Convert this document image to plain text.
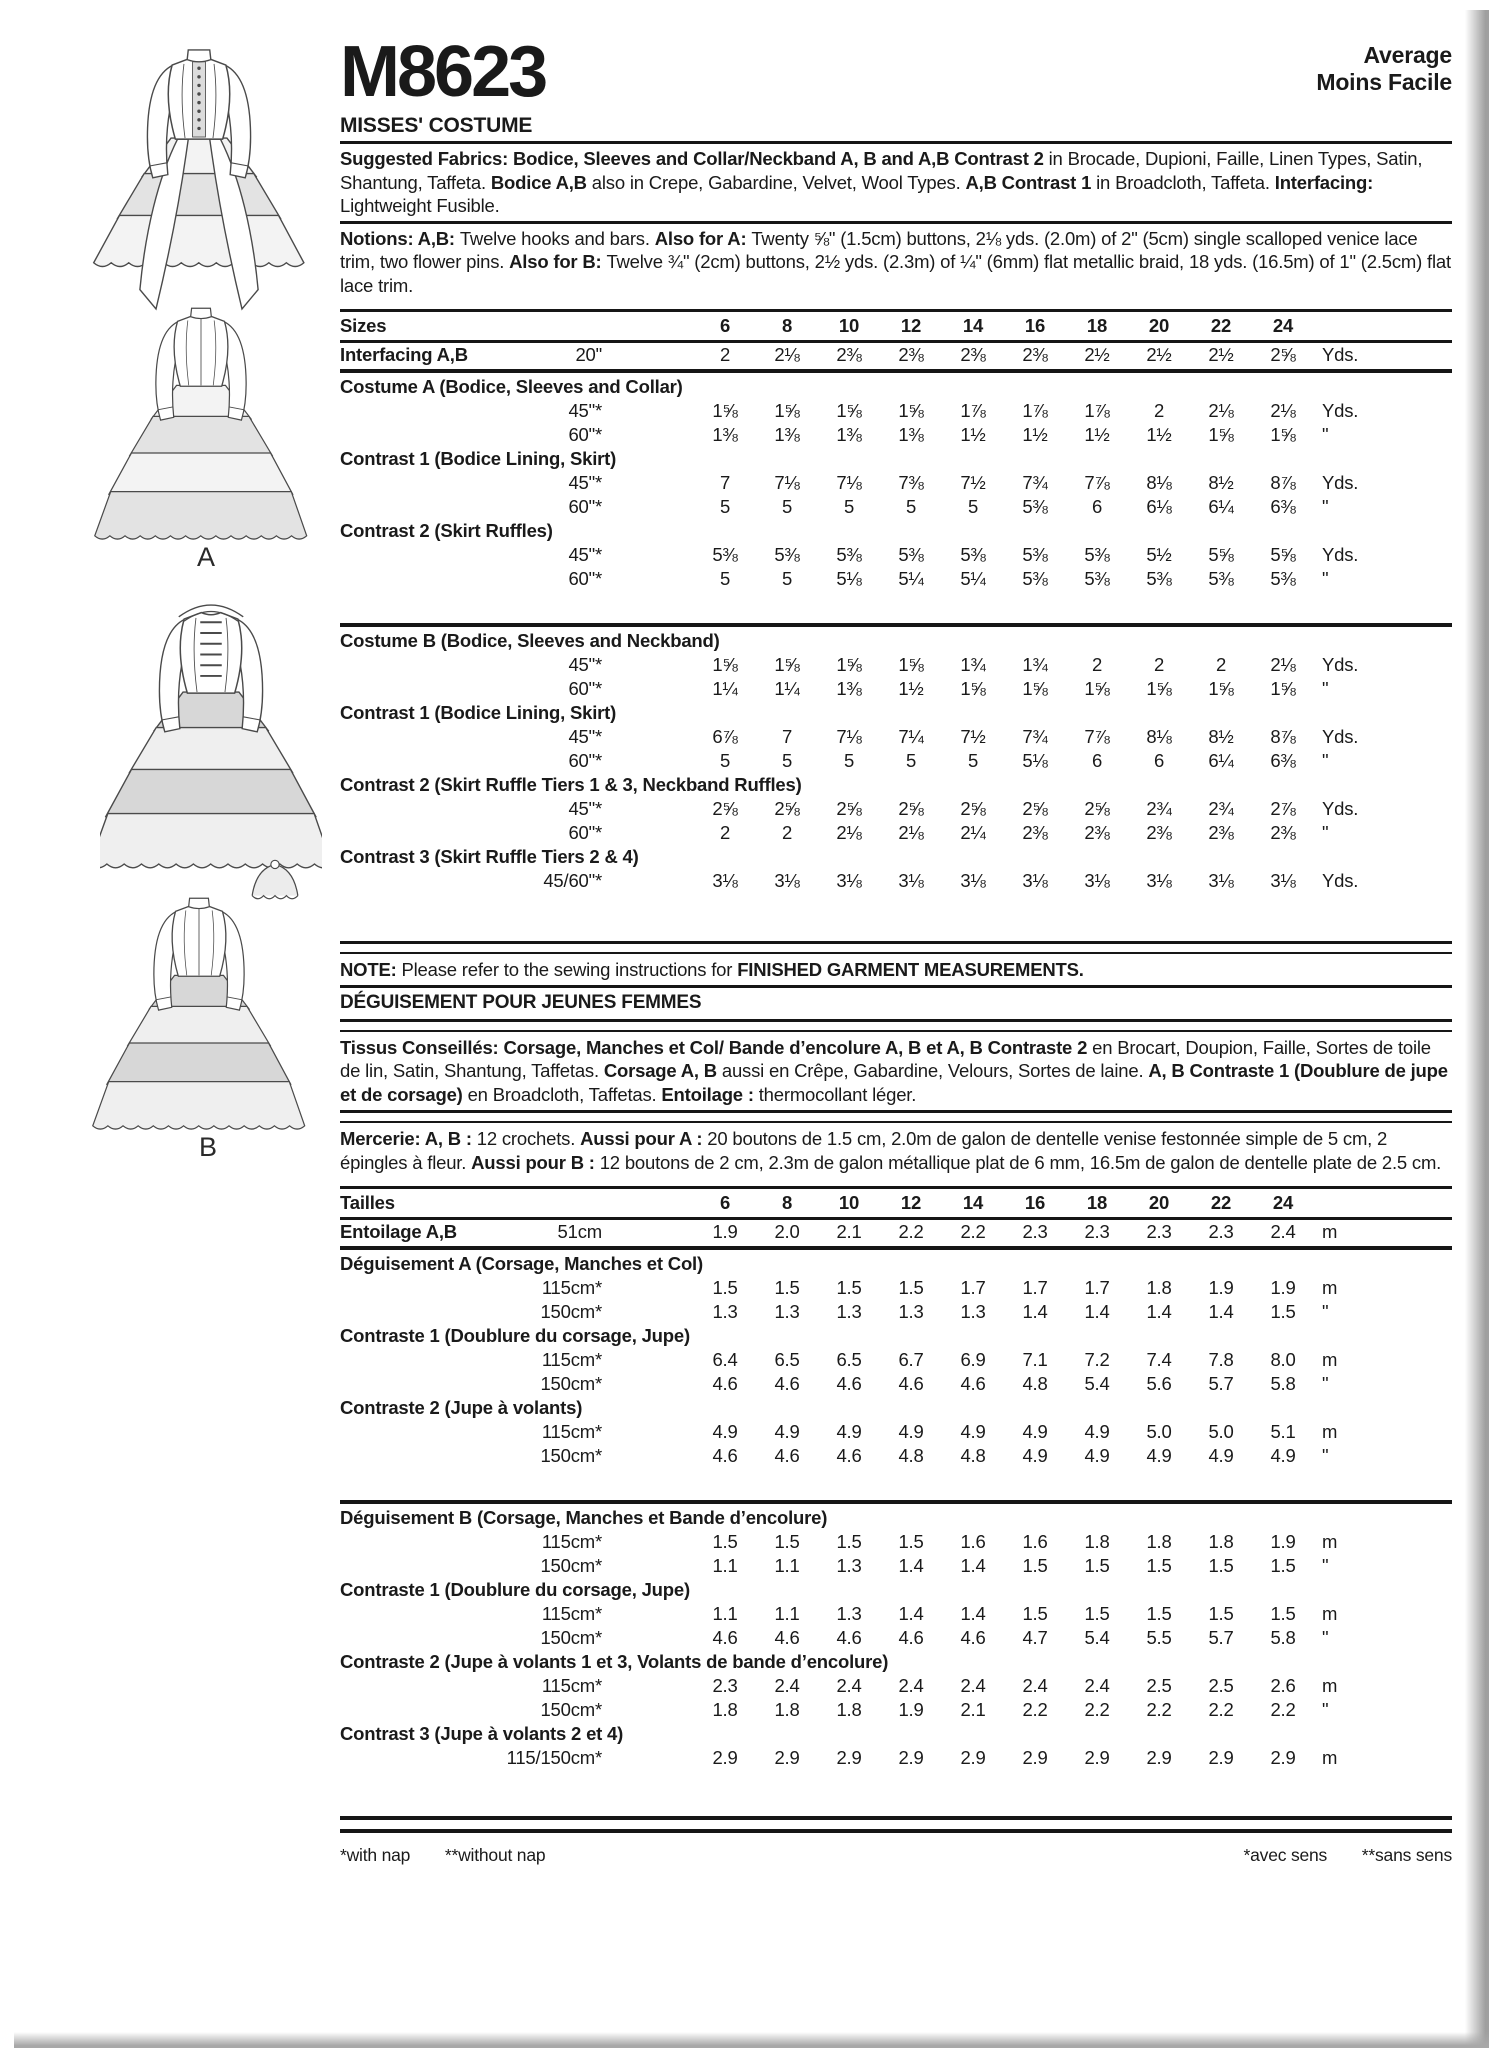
A
B
M8623	Average
Moins Facile
MISSES' COSTUME

Suggested Fabrics: Bodice, Sleeves and Collar/Neckband A, B and A,B Contrast 2 in Brocade, Dupioni, Faille, Linen Types, Satin, Shantung, Taffeta. Bodice A,B also in Crepe, Gabardine, Velvet, Wool Types. A,B Contrast 1 in Broadcloth, Taffeta. Interfacing: Lightweight Fusible.

Notions: A,B: Twelve hooks and bars. Also for A: Twenty ⅝" (1.5cm) buttons, 2⅛ yds. (2.0m) of 2" (5cm) single scalloped venice lace trim, two flower pins. Also for B: Twelve ¾" (2cm) buttons, 2½ yds. (2.3m) of ¼" (6mm) flat metallic braid, 18 yds. (16.5m) of 1" (2.5cm) flat lace trim.

Sizes	6	8	10	12	14	16	18	20	22	24
Interfacing A,B	20"	2	2⅛	2⅜	2⅜	2⅜	2⅜	2½	2½	2½	2⅝	Yds.
Costume A (Bodice, Sleeves and Collar)
45"*	1⅝	1⅝	1⅝	1⅝	1⅞	1⅞	1⅞	2	2⅛	2⅛	Yds.
60"*	1⅜	1⅜	1⅜	1⅜	1½	1½	1½	1½	1⅝	1⅝	"
Contrast 1 (Bodice Lining, Skirt)
45"*	7	7⅛	7⅛	7⅜	7½	7¾	7⅞	8⅛	8½	8⅞	Yds.
60"*	5	5	5	5	5	5⅜	6	6⅛	6¼	6⅜	"
Contrast 2 (Skirt Ruffles)
45"*	5⅜	5⅜	5⅜	5⅜	5⅜	5⅜	5⅜	5½	5⅝	5⅝	Yds.
60"*	5	5	5⅛	5¼	5¼	5⅜	5⅜	5⅜	5⅜	5⅜	"
Costume B (Bodice, Sleeves and Neckband)
45"*	1⅝	1⅝	1⅝	1⅝	1¾	1¾	2	2	2	2⅛	Yds.
60"*	1¼	1¼	1⅜	1½	1⅝	1⅝	1⅝	1⅝	1⅝	1⅝	"
Contrast 1 (Bodice Lining, Skirt)
45"*	6⅞	7	7⅛	7¼	7½	7¾	7⅞	8⅛	8½	8⅞	Yds.
60"*	5	5	5	5	5	5⅛	6	6	6¼	6⅜	"
Contrast 2 (Skirt Ruffle Tiers 1 & 3, Neckband Ruffles)
45"*	2⅝	2⅝	2⅝	2⅝	2⅝	2⅝	2⅝	2¾	2¾	2⅞	Yds.
60"*	2	2	2⅛	2⅛	2¼	2⅜	2⅜	2⅜	2⅜	2⅜	"
Contrast 3 (Skirt Ruffle Tiers 2 & 4)
45/60"*	3⅛	3⅛	3⅛	3⅛	3⅛	3⅛	3⅛	3⅛	3⅛	3⅛	Yds.

NOTE: Please refer to the sewing instructions for FINISHED GARMENT MEASUREMENTS.

DÉGUISEMENT POUR JEUNES FEMMES

Tissus Conseillés: Corsage, Manches et Col/ Bande d’encolure A, B et A, B Contraste 2 en Brocart, Doupion, Faille, Sortes de toile de lin, Satin, Shantung, Taffetas. Corsage A, B aussi en Crêpe, Gabardine, Velours, Sortes de laine. A, B Contraste 1 (Doublure de jupe et de corsage) en Broadcloth, Taffetas. Entoilage : thermocollant léger.

Mercerie: A, B : 12 crochets. Aussi pour A : 20 boutons de 1.5 cm, 2.0m de galon de dentelle venise festonnée simple de 5 cm, 2 épingles à fleur. Aussi pour B : 12 boutons de 2 cm, 2.3m de galon métallique plat de 6 mm, 16.5m de galon de dentelle plate de 2.5 cm.

Tailles	6	8	10	12	14	16	18	20	22	24
Entoilage A,B	51cm	1.9	2.0	2.1	2.2	2.2	2.3	2.3	2.3	2.3	2.4	m
Déguisement A (Corsage, Manches et Col)
115cm*	1.5	1.5	1.5	1.5	1.7	1.7	1.7	1.8	1.9	1.9	m
150cm*	1.3	1.3	1.3	1.3	1.3	1.4	1.4	1.4	1.4	1.5	"
Contraste 1 (Doublure du corsage, Jupe)
115cm*	6.4	6.5	6.5	6.7	6.9	7.1	7.2	7.4	7.8	8.0	m
150cm*	4.6	4.6	4.6	4.6	4.6	4.8	5.4	5.6	5.7	5.8	"
Contraste 2 (Jupe à volants)
115cm*	4.9	4.9	4.9	4.9	4.9	4.9	4.9	5.0	5.0	5.1	m
150cm*	4.6	4.6	4.6	4.8	4.8	4.9	4.9	4.9	4.9	4.9	"
Déguisement B (Corsage, Manches et Bande d’encolure)
115cm*	1.5	1.5	1.5	1.5	1.6	1.6	1.8	1.8	1.8	1.9	m
150cm*	1.1	1.1	1.3	1.4	1.4	1.5	1.5	1.5	1.5	1.5	"
Contraste 1 (Doublure du corsage, Jupe)
115cm*	1.1	1.1	1.3	1.4	1.4	1.5	1.5	1.5	1.5	1.5	m
150cm*	4.6	4.6	4.6	4.6	4.6	4.7	5.4	5.5	5.7	5.8	"
Contraste 2 (Jupe à volants 1 et 3, Volants de bande d’encolure)
115cm*	2.3	2.4	2.4	2.4	2.4	2.4	2.4	2.5	2.5	2.6	m
150cm*	1.8	1.8	1.8	1.9	2.1	2.2	2.2	2.2	2.2	2.2	"
Contrast 3 (Jupe à volants 2 et 4)
115/150cm*	2.9	2.9	2.9	2.9	2.9	2.9	2.9	2.9	2.9	2.9	m
*with nap **without nap	*avec sens **sans sens
